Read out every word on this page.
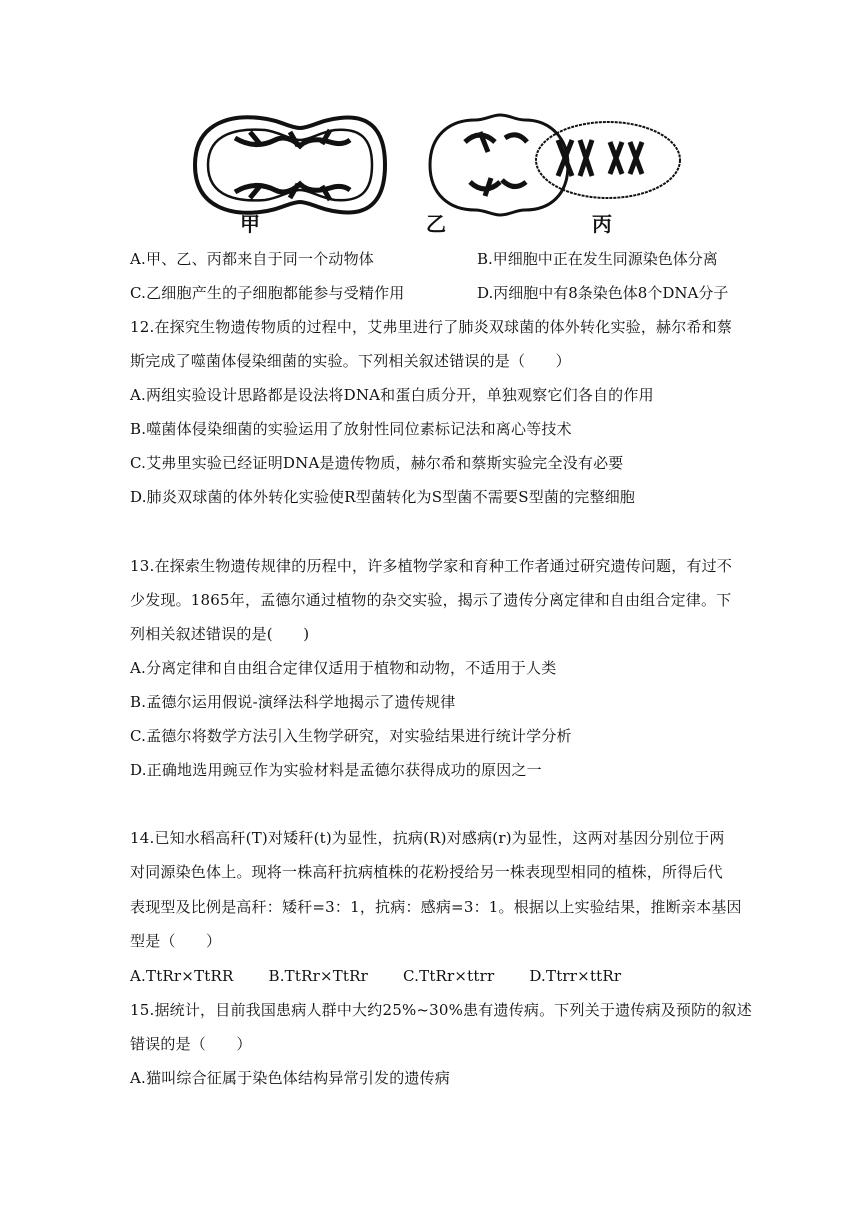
甲	乙	丙
A.甲、乙、丙都来自于同一个动物体	B.甲细胞中正在发生同源染色体分离
C.乙细胞产生的子细胞都能参与受精作用	D.丙细胞中有8条染色体8个DNA分子
12.在探究生物遗传物质的过程中，艾弗里进行了肺炎双球菌的体外转化实验，赫尔希和蔡
斯完成了噬菌体侵染细菌的实验。下列相关叙述错误的是（　　）
A.两组实验设计思路都是设法将DNA和蛋白质分开，单独观察它们各自的作用
B.噬菌体侵染细菌的实验运用了放射性同位素标记法和离心等技术
C.艾弗里实验已经证明DNA是遗传物质，赫尔希和蔡斯实验完全没有必要
D.肺炎双球菌的体外转化实验使R型菌转化为S型菌不需要S型菌的完整细胞
13.在探索生物遗传规律的历程中，许多植物学家和育种工作者通过研究遗传问题，有过不
少发现。1865年，孟德尔通过植物的杂交实验，揭示了遗传分离定律和自由组合定律。下
列相关叙述错误的是(　　)
A.分离定律和自由组合定律仅适用于植物和动物，不适用于人类
B.孟德尔运用假说-演绎法科学地揭示了遗传规律
C.孟德尔将数学方法引入生物学研究，对实验结果进行统计学分析
D.正确地选用豌豆作为实验材料是孟德尔获得成功的原因之一
14.已知水稻高秆(T)对矮秆(t)为显性，抗病(R)对感病(r)为显性，这两对基因分别位于两
对同源染色体上。现将一株高秆抗病植株的花粉授给另一株表现型相同的植株，所得后代
表现型及比例是高秆：矮秆=3：1，抗病：感病=3：1。根据以上实验结果，推断亲本基因
型是（　　）
A.TtRr×TtRR B.TtRr×TtRr C.TtRr×ttrr D.Ttrr×ttRr
15.据统计，目前我国患病人群中大约25%~30%患有遗传病。下列关于遗传病及预防的叙述
错误的是（　　）
A.猫叫综合征属于染色体结构异常引发的遗传病
